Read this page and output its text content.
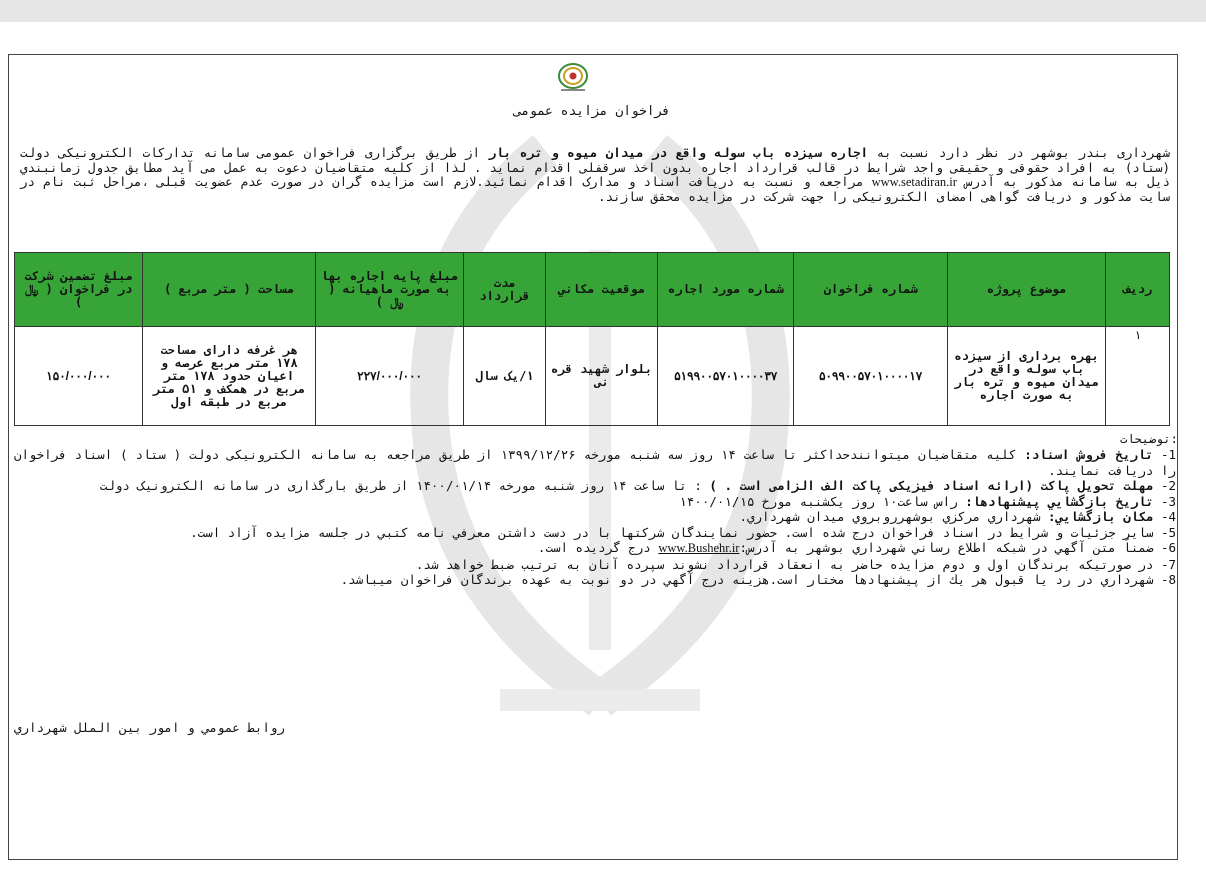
فراخوان مزایده عمومی
شهرداری بندر بوشهر در نظر دارد نسبت به اجاره سیزده باب سوله واقع در میدان میوه و تره بار از طریق برگزاری فراخوان عمومی سامانه تدارکات الکترونیکی دولت (ستاد) به افراد حقوقی و حقیقی واجد شرایط در قالب قرارداد اجاره بدون اخذ سرقفلی اقدام نماید . لذا از کلیه متقاضیان دعوت به عمل می آید مطابق جدول زمانبندي ذیل به سامانه مذکور به آدرس www.setadiran.ir مراجعه و نسبت به دریافت اسناد و مدارک اقدام نمائید.لازم است مزایده گران در صورت عدم عضویت قبلی ،مراحل ثبت نام در سایت مذکور و دریافت گواهی امضای الکترونیکی را جهت شرکت در مزایده محقق سازند.
ردیف	موضوع پروژه	شماره فراخوان	شماره مورد اجاره	موقعیت مکاني	مدت قرارداد	مبلغ پایه اجاره بها به صورت ماهیانه ( ﷼ )	مساحت ( متر مربع )	مبلغ تضمین شرکت در فراخوان ( ﷼ )
۱	بهره برداری از سیزده باب سوله واقع در میدان میوه و تره بار به صورت اجاره	۵۰۹۹۰۰۵۷۰۱۰۰۰۰۱۷	۵۱۹۹۰۰۵۷۰۱۰۰۰۰۳۷	بلوار شهید قره نی	۱/یک سال	۲۲۷/۰۰۰/۰۰۰	هر غرفه دارای مساحت ۱۷۸ متر مربع عرصه و اعیان حدود ۱۷۸ متر مربع در همکف و ۵۱ متر مربع در طبقه اول	۱۵۰/۰۰۰/۰۰۰
توضیحات:
1- تاریخ فروش اسناد: کلیه متقاضیان میتوانندحداکثر تا ساعت ۱۴ روز سه شنبه مورخه ۱۳۹۹/۱۲/۲۶ از طریق مراجعه به سامانه الکترونیکی دولت ( ستاد ) اسناد فراخوان را دریافت نمایند.
2- مهلت تحویل پاکت (ارائه اسناد فیزیکی پاکت الف الزامی است . ) : تا ساعت ۱۴ روز شنبه مورخه ۱۴۰۰/۰۱/۱۴ از طریق بارگذاری در سامانه الکترونیک دولت
3- تاریخ بازگشايي پیشنهادها: راس ساعت۱۰ روز یکشنبه مورخ ۱۴۰۰/۰۱/۱۵
4- مکان بازگشايي: شهرداري مرکزي بوشهرروبروي میدان شهرداري.
5- ساير جزئيات و شرايط در اسناد فراخوان درج شده است. حضور نمايندگان شرکتها با در دست داشتن معرفي نامه کتبي در جلسه مزایده آزاد است.
6- ضمناً متن آگهي در شبکه اطلاع رساني شهرداري بوشهر به آدرس:www.Bushehr.ir درج گرديده است.
7- در صورتیکه برندگان اول و دوم مزایده حاضر به انعقاد قرارداد نشوند سپرده آنان به ترتیب ضبط خواهد شد.
8- شهرداري در رد يا قبول هر يك از پيشنهادها مختار است.هزينه درج آگهي در دو نوبت به عهده برندگان فراخوان ميباشد.
روابط عمومي و امور بين الملل شهرداري
